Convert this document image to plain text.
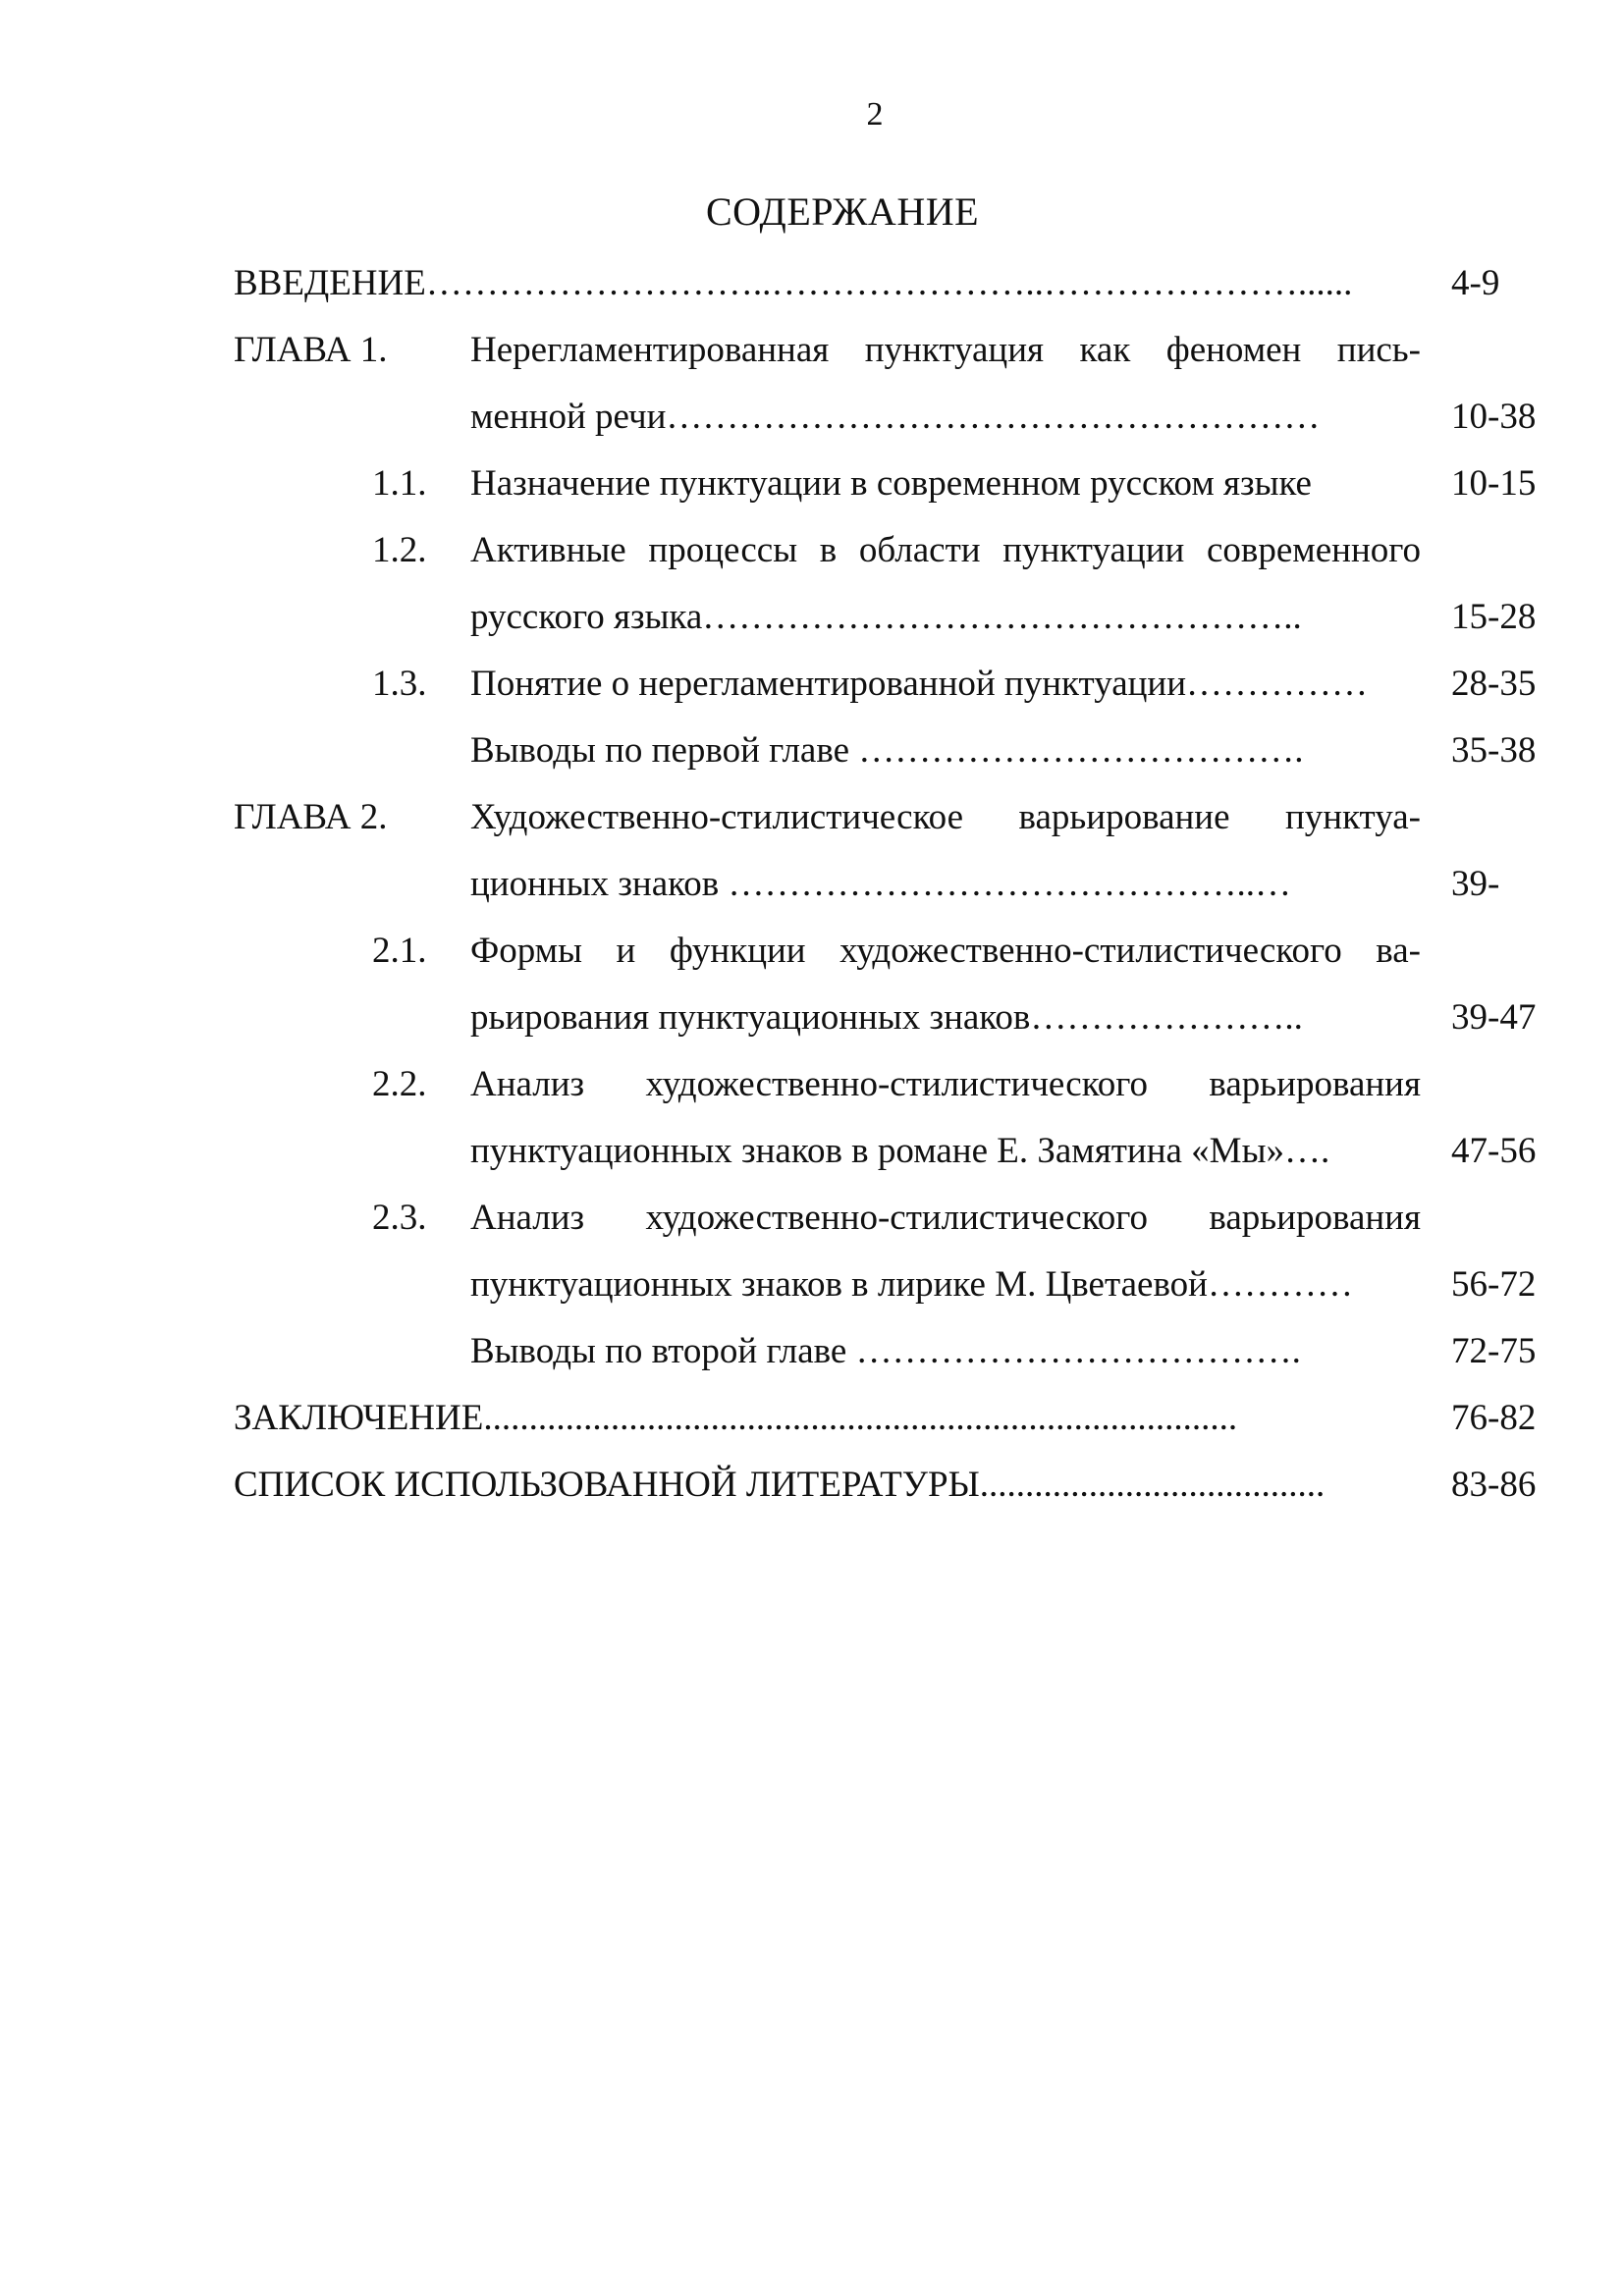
2
СОДЕРЖАНИЕ
ВВЕДЕНИЕ………………………..…………………..…………………......	4-9
ГЛАВА 1. Нерегламентированная пунктуация как феномен пись-
менной речи………………………………………………	10-38
1.1. Назначение пунктуации в современном русском языке	10-15
1.2. Активные процессы в области пунктуации современного
русского языка…………………………………………..	15-28
1.3. Понятие о нерегламентированной пунктуации…………… 28-35
Выводы по первой главе ……………………………….	35-38
ГЛАВА 2. Художественно-стилистическое варьирование пунктуа-
ционных знаков ……………………………………..…	39-
2.1. Формы и функции художественно-стилистического ва-
рьирования пунктуационных знаков…………………..	39-47
2.2. Анализ художественно-стилистического варьирования
пунктуационных знаков в романе Е. Замятина «Мы»….	47-56
2.3. Анализ художественно-стилистического варьирования
пунктуационных знаков в лирике М. Цветаевой…………	56-72
Выводы по второй главе ……………………………….	72-75
ЗАКЛЮЧЕНИЕ...................................................................................	76-82
СПИСОК ИСПОЛЬЗОВАННОЙ ЛИТЕРАТУРЫ......................................	83-86
